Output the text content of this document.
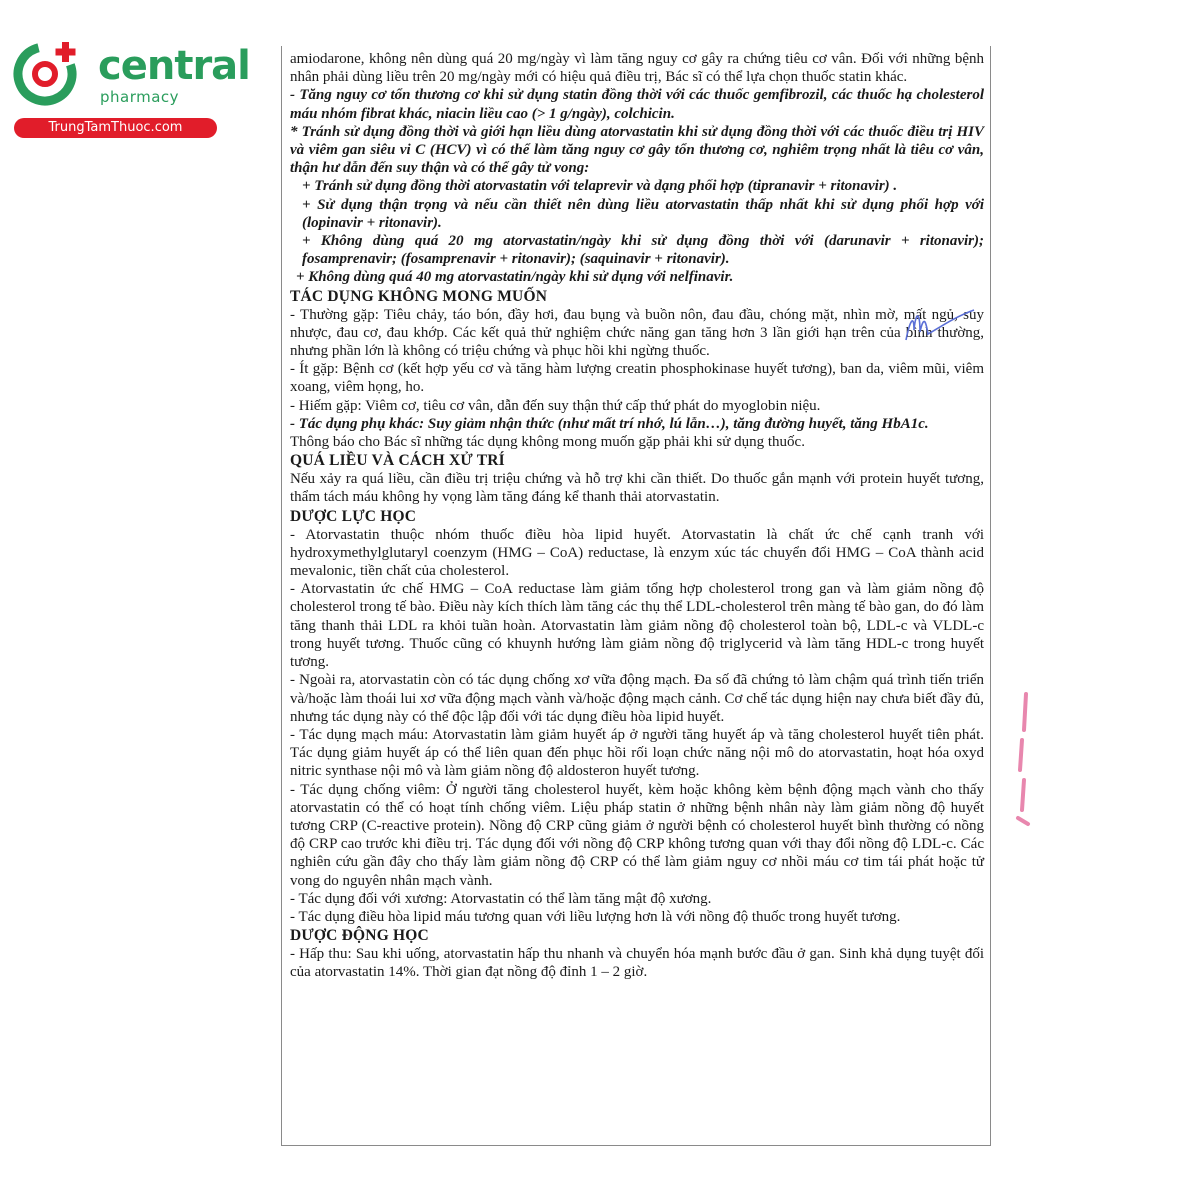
central
pharmacy
TrungTamThuoc.com

amiodarone, không nên dùng quá 20 mg/ngày vì làm tăng nguy cơ gây ra chứng tiêu cơ vân. Đối với những bệnh nhân phải dùng liều trên 20 mg/ngày mới có hiệu quả điều trị, Bác sĩ có thể lựa chọn thuốc statin khác.

- Tăng nguy cơ tổn thương cơ khi sử dụng statin đồng thời với các thuốc gemfibrozil, các thuốc hạ cholesterol máu nhóm fibrat khác, niacin liều cao (> 1 g/ngày), colchicin.

* Tránh sử dụng đồng thời và giới hạn liều dùng atorvastatin khi sử dụng đồng thời với các thuốc điều trị HIV và viêm gan siêu vi C (HCV) vì có thể làm tăng nguy cơ gây tổn thương cơ, nghiêm trọng nhất là tiêu cơ vân, thận hư dẫn đến suy thận và có thể gây tử vong:

+ Tránh sử dụng đồng thời atorvastatin với telaprevir và dạng phối hợp (tipranavir + ritonavir) .

+ Sử dụng thận trọng và nếu cần thiết nên dùng liều atorvastatin thấp nhất khi sử dụng phối hợp với (lopinavir + ritonavir).

+ Không dùng quá 20 mg atorvastatin/ngày khi sử dụng đồng thời với (darunavir + ritonavir); fosamprenavir; (fosamprenavir + ritonavir); (saquinavir + ritonavir).

+ Không dùng quá 40 mg atorvastatin/ngày khi sử dụng với nelfinavir.

TÁC DỤNG KHÔNG MONG MUỐN

- Thường gặp: Tiêu chảy, táo bón, đầy hơi, đau bụng và buồn nôn, đau đầu, chóng mặt, nhìn mờ, mất ngủ, suy nhược, đau cơ, đau khớp. Các kết quả thử nghiệm chức năng gan tăng hơn 3 lần giới hạn trên của bình thường, nhưng phần lớn là không có triệu chứng và phục hồi khi ngừng thuốc.

- Ít gặp: Bệnh cơ (kết hợp yếu cơ và tăng hàm lượng creatin phosphokinase huyết tương), ban da, viêm mũi, viêm xoang, viêm họng, ho.

- Hiếm gặp: Viêm cơ, tiêu cơ vân, dẫn đến suy thận thứ cấp thứ phát do myoglobin niệu.

- Tác dụng phụ khác: Suy giảm nhận thức (như mất trí nhớ, lú lẫn…), tăng đường huyết, tăng HbA1c.

Thông báo cho Bác sĩ những tác dụng không mong muốn gặp phải khi sử dụng thuốc.

QUÁ LIỀU VÀ CÁCH XỬ TRÍ

Nếu xảy ra quá liều, cần điều trị triệu chứng và hỗ trợ khi cần thiết. Do thuốc gắn mạnh với protein huyết tương, thẩm tách máu không hy vọng làm tăng đáng kể thanh thải atorvastatin.

DƯỢC LỰC HỌC

- Atorvastatin thuộc nhóm thuốc điều hòa lipid huyết. Atorvastatin là chất ức chế cạnh tranh với hydroxymethylglutaryl coenzym (HMG – CoA) reductase, là enzym xúc tác chuyển đổi HMG – CoA thành acid mevalonic, tiền chất của cholesterol.

- Atorvastatin ức chế HMG – CoA reductase làm giảm tổng hợp cholesterol trong gan và làm giảm nồng độ cholesterol trong tế bào. Điều này kích thích làm tăng các thụ thể LDL-cholesterol trên màng tế bào gan, do đó làm tăng thanh thải LDL ra khỏi tuần hoàn. Atorvastatin làm giảm nồng độ cholesterol toàn bộ, LDL-c và VLDL-c trong huyết tương. Thuốc cũng có khuynh hướng làm giảm nồng độ triglycerid và làm tăng HDL-c trong huyết tương.

- Ngoài ra, atorvastatin còn có tác dụng chống xơ vữa động mạch. Đa số đã chứng tỏ làm chậm quá trình tiến triển và/hoặc làm thoái lui xơ vữa động mạch vành và/hoặc động mạch cảnh. Cơ chế tác dụng hiện nay chưa biết đầy đủ, nhưng tác dụng này có thể độc lập đối với tác dụng điều hòa lipid huyết.

- Tác dụng mạch máu: Atorvastatin làm giảm huyết áp ở người tăng huyết áp và tăng cholesterol huyết tiên phát. Tác dụng giảm huyết áp có thể liên quan đến phục hồi rối loạn chức năng nội mô do atorvastatin, hoạt hóa oxyd nitric synthase nội mô và làm giảm nồng độ aldosteron huyết tương.

- Tác dụng chống viêm: Ở người tăng cholesterol huyết, kèm hoặc không kèm bệnh động mạch vành cho thấy atorvastatin có thể có hoạt tính chống viêm. Liệu pháp statin ở những bệnh nhân này làm giảm nồng độ huyết tương CRP (C-reactive protein). Nồng độ CRP cũng giảm ở người bệnh có cholesterol huyết bình thường có nồng độ CRP cao trước khi điều trị. Tác dụng đối với nồng độ CRP không tương quan với thay đổi nồng độ LDL-c. Các nghiên cứu gần đây cho thấy làm giảm nồng độ CRP có thể làm giảm nguy cơ nhồi máu cơ tim tái phát hoặc tử vong do nguyên nhân mạch vành.

- Tác dụng đối với xương: Atorvastatin có thể làm tăng mật độ xương.

- Tác dụng điều hòa lipid máu tương quan với liều lượng hơn là với nồng độ thuốc trong huyết tương.

DƯỢC ĐỘNG HỌC

- Hấp thu: Sau khi uống, atorvastatin hấp thu nhanh và chuyển hóa mạnh bước đầu ở gan. Sinh khả dụng tuyệt đối của atorvastatin 14%. Thời gian đạt nồng độ đỉnh 1 – 2 giờ.
